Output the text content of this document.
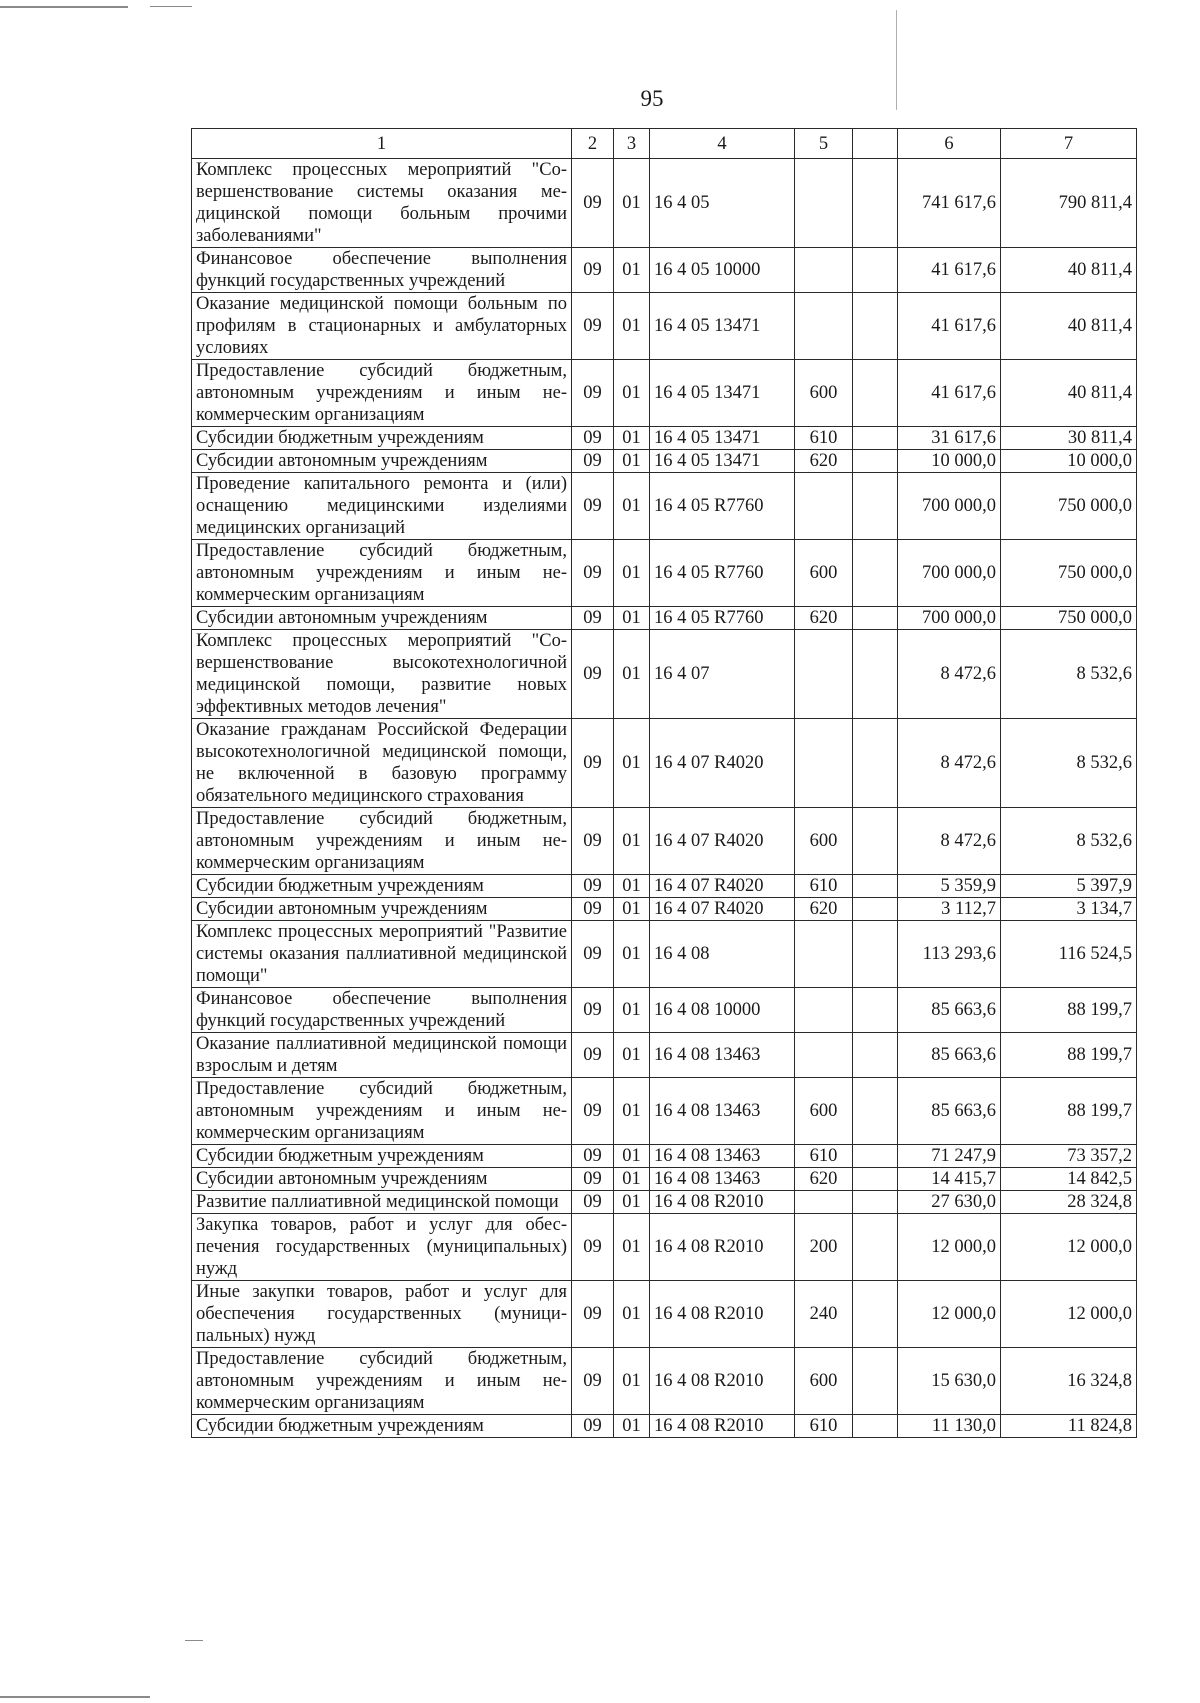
95
1	2	3	4	5		6	7
Комплекс процессных мероприятий "Совершенствование системы оказания медицинской помощи больным прочими заболеваниями"	09	01	16 4 05			741 617,6	790 811,4
Финансовое обеспечение выполнения функций государственных учреждений	09	01	16 4 05 10000			41 617,6	40 811,4
Оказание медицинской помощи больным по профилям в стационарных и амбулаторных условиях	09	01	16 4 05 13471			41 617,6	40 811,4
Предоставление субсидий бюджетным, автономным учреждениям и иным некоммерческим организациям	09	01	16 4 05 13471	600		41 617,6	40 811,4
Субсидии бюджетным учреждениям	09	01	16 4 05 13471	610		31 617,6	30 811,4
Субсидии автономным учреждениям	09	01	16 4 05 13471	620		10 000,0	10 000,0
Проведение капитального ремонта и (или) оснащению медицинскими изделиями медицинских организаций	09	01	16 4 05 R7760			700 000,0	750 000,0
Предоставление субсидий бюджетным, автономным учреждениям и иным некоммерческим организациям	09	01	16 4 05 R7760	600		700 000,0	750 000,0
Субсидии автономным учреждениям	09	01	16 4 05 R7760	620		700 000,0	750 000,0
Комплекс процессных мероприятий "Совершенствование высокотехнологичной медицинской помощи, развитие новых эффективных методов лечения"	09	01	16 4 07			8 472,6	8 532,6
Оказание гражданам Российской Федерации высокотехнологичной медицинской помощи, не включенной в базовую программу обязательного медицинского страхования	09	01	16 4 07 R4020			8 472,6	8 532,6
Предоставление субсидий бюджетным, автономным учреждениям и иным некоммерческим организациям	09	01	16 4 07 R4020	600		8 472,6	8 532,6
Субсидии бюджетным учреждениям	09	01	16 4 07 R4020	610		5 359,9	5 397,9
Субсидии автономным учреждениям	09	01	16 4 07 R4020	620		3 112,7	3 134,7
Комплекс процессных мероприятий "Развитие системы оказания паллиативной медицинской помощи"	09	01	16 4 08			113 293,6	116 524,5
Финансовое обеспечение выполнения функций государственных учреждений	09	01	16 4 08 10000			85 663,6	88 199,7
Оказание паллиативной медицинской помощи взрослым и детям	09	01	16 4 08 13463			85 663,6	88 199,7
Предоставление субсидий бюджетным, автономным учреждениям и иным некоммерческим организациям	09	01	16 4 08 13463	600		85 663,6	88 199,7
Субсидии бюджетным учреждениям	09	01	16 4 08 13463	610		71 247,9	73 357,2
Субсидии автономным учреждениям	09	01	16 4 08 13463	620		14 415,7	14 842,5
Развитие паллиативной медицинской помощи	09	01	16 4 08 R2010			27 630,0	28 324,8
Закупка товаров, работ и услуг для обеспечения государственных (муниципальных) нужд	09	01	16 4 08 R2010	200		12 000,0	12 000,0
Иные закупки товаров, работ и услуг для обеспечения государственных (муниципальных) нужд	09	01	16 4 08 R2010	240		12 000,0	12 000,0
Предоставление субсидий бюджетным, автономным учреждениям и иным некоммерческим организациям	09	01	16 4 08 R2010	600		15 630,0	16 324,8
Субсидии бюджетным учреждениям	09	01	16 4 08 R2010	610		11 130,0	11 824,8
